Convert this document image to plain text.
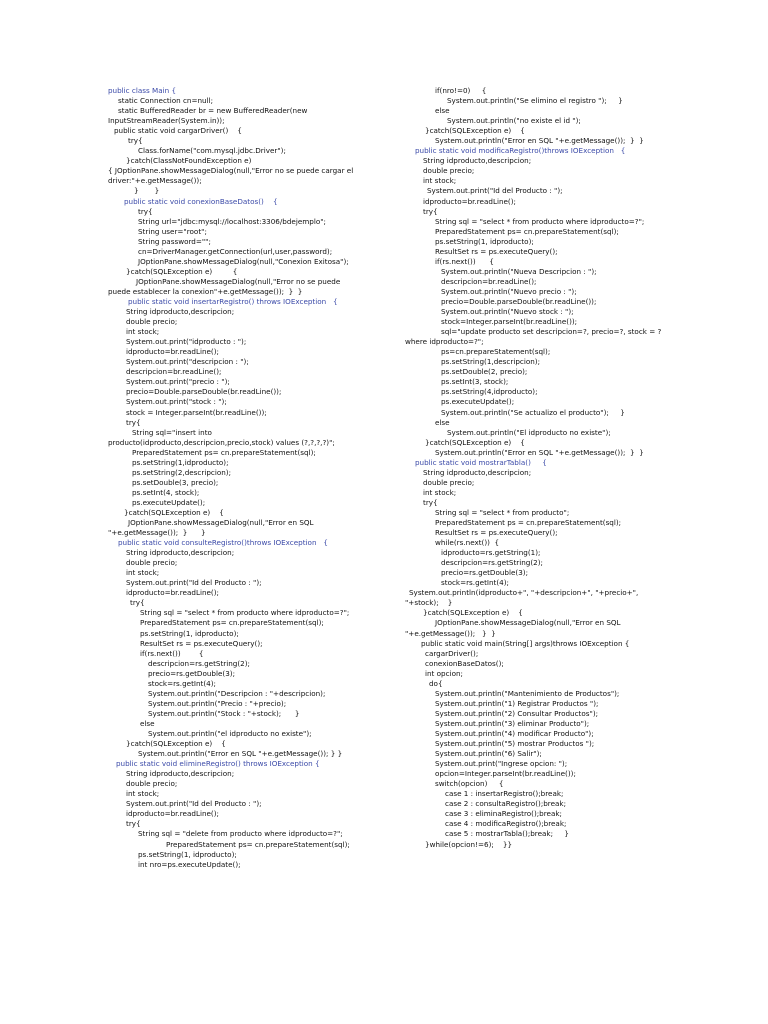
public class Main {
static Connection cn=null;
static BufferedReader br = new BufferedReader(new
InputStreamReader(System.in));
public static void cargarDriver()    {
try{
Class.forName("com.mysql.jdbc.Driver");
}catch(ClassNotFoundException e)
{ JOptionPane.showMessageDialog(null,"Error no se puede cargar el
driver:"+e.getMessage());
}       }
public static void conexionBaseDatos()    {
try{
String url="jdbc:mysql://localhost:3306/bdejemplo";
String user="root";
String password="";
cn=DriverManager.getConnection(url,user,password);
JOptionPane.showMessageDialog(null,"Conexion Exitosa");
}catch(SQLException e)         {
JOptionPane.showMessageDialog(null,"Error no se puede
puede establecer la conexion"+e.getMessage());  }  }
public static void insertarRegistro() throws IOException   {
String idproducto,descripcion;
double precio;
int stock;
System.out.print("idproducto : ");
idproducto=br.readLine();
System.out.print("descripcion : ");
descripcion=br.readLine();
System.out.print("precio : ");
precio=Double.parseDouble(br.readLine());
System.out.print("stock : ");
stock = Integer.parseInt(br.readLine());
try{
String sql="insert into
producto(idproducto,descripcion,precio,stock) values (?,?,?,?)";
PreparedStatement ps= cn.prepareStatement(sql);
ps.setString(1,idproducto);
ps.setString(2,descripcion);
ps.setDouble(3, precio);
ps.setInt(4, stock);
ps.executeUpdate();
}catch(SQLException e)    {
JOptionPane.showMessageDialog(null,"Error en SQL
"+e.getMessage());  }      }
public static void consulteRegistro()throws IOException   {
String idproducto,descripcion;
double precio;
int stock;
System.out.print("Id del Producto : ");
idproducto=br.readLine();
try{
String sql = "select * from producto where idproducto=?";
PreparedStatement ps= cn.prepareStatement(sql);
ps.setString(1, idproducto);
ResultSet rs = ps.executeQuery();
if(rs.next())        {
descripcion=rs.getString(2);
precio=rs.getDouble(3);
stock=rs.getInt(4);
System.out.println("Descripcion : "+descripcion);
System.out.println("Precio : "+precio);
System.out.println("Stock : "+stock);      }
else
System.out.println("el idproducto no existe");
}catch(SQLException e)    {
System.out.println("Error en SQL "+e.getMessage()); } }
public static void elimineRegistro() throws IOException {
String idproducto,descripcion;
double precio;
int stock;
System.out.print("Id del Producto : ");
idproducto=br.readLine();
try{
String sql = "delete from producto where idproducto=?";
PreparedStatement ps= cn.prepareStatement(sql);
ps.setString(1, idproducto);
int nro=ps.executeUpdate();
if(nro!=0)     {
System.out.println("Se elimino el registro ");     }
else
System.out.println("no existe el id ");
}catch(SQLException e)    {
System.out.println("Error en SQL "+e.getMessage());  }  }
public static void modificaRegistro()throws IOException   {
String idproducto,descripcion;
double precio;
int stock;
System.out.print("Id del Producto : ");
idproducto=br.readLine();
try{
String sql = "select * from producto where idproducto=?";
PreparedStatement ps= cn.prepareStatement(sql);
ps.setString(1, idproducto);
ResultSet rs = ps.executeQuery();
if(rs.next())      {
System.out.println("Nueva Descripcion : ");
descripcion=br.readLine();
System.out.println("Nuevo precio : ");
precio=Double.parseDouble(br.readLine());
System.out.println("Nuevo stock : ");
stock=Integer.parseInt(br.readLine());
sql="update producto set descripcion=?, precio=?, stock = ?
where idproducto=?";
ps=cn.prepareStatement(sql);
ps.setString(1,descripcion);
ps.setDouble(2, precio);
ps.setInt(3, stock);
ps.setString(4,idproducto);
ps.executeUpdate();
System.out.println("Se actualizo el producto");     }
else
System.out.println("El idproducto no existe");
}catch(SQLException e)    {
System.out.println("Error en SQL "+e.getMessage());  }  }
public static void mostrarTabla()     {
String idproducto,descripcion;
double precio;
int stock;
try{
String sql = "select * from producto";
PreparedStatement ps = cn.prepareStatement(sql);
ResultSet rs = ps.executeQuery();
while(rs.next())  {
idproducto=rs.getString(1);
descripcion=rs.getString(2);
precio=rs.getDouble(3);
stock=rs.getInt(4);
System.out.println(idproducto+", "+descripcion+", "+precio+",
"+stock);    }
}catch(SQLException e)    {
JOptionPane.showMessageDialog(null,"Error en SQL
"+e.getMessage());   }  }
public static void main(String[] args)throws IOException {
cargarDriver();
conexionBaseDatos();
int opcion;
do{
System.out.println("Mantenimiento de Productos");
System.out.println("1) Registrar Productos ");
System.out.println("2) Consultar Productos");
System.out.println("3) eliminar Producto");
System.out.println("4) modificar Producto");
System.out.println("5) mostrar Productos ");
System.out.println("6) Salir");
System.out.print("Ingrese opcion: ");
opcion=Integer.parseInt(br.readLine());
switch(opcion)     {
case 1 : insertarRegistro();break;
case 2 : consultaRegistro();break;
case 3 : eliminaRegistro();break;
case 4 : modificaRegistro();break;
case 5 : mostrarTabla();break;     }
}while(opcion!=6);    }}
